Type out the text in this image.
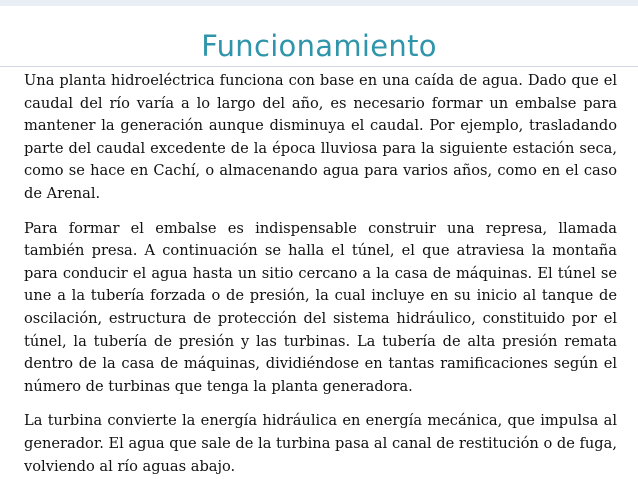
Funcionamiento

Una planta hidroeléctrica funciona con base en una caída de agua. Dado que el caudal del río varía a lo largo del año, es necesario formar un embalse para mantener la generación aunque disminuya el caudal. Por ejemplo, trasladando parte del caudal excedente de la época lluviosa para la siguiente estación seca, como se hace en Cachí, o almacenando agua para varios años, como en el caso de Arenal.

Para formar el embalse es indispensable construir una represa, llamada también presa. A continuación se halla el túnel, el que atraviesa la montaña para conducir el agua hasta un sitio cercano a la casa de máquinas. El túnel se une a la tubería forzada o de presión, la cual incluye en su inicio al tanque de oscilación, estructura de protección del sistema hidráulico, constituido por el túnel, la tubería de presión y las turbinas. La tubería de alta presión remata dentro de la casa de máquinas, dividiéndose en tantas ramificaciones según el número de turbinas que tenga la planta generadora.

La turbina convierte la energía hidráulica en energía mecánica, que impulsa al generador. El agua que sale de la turbina pasa al canal de restitución o de fuga, volviendo al río aguas abajo.
